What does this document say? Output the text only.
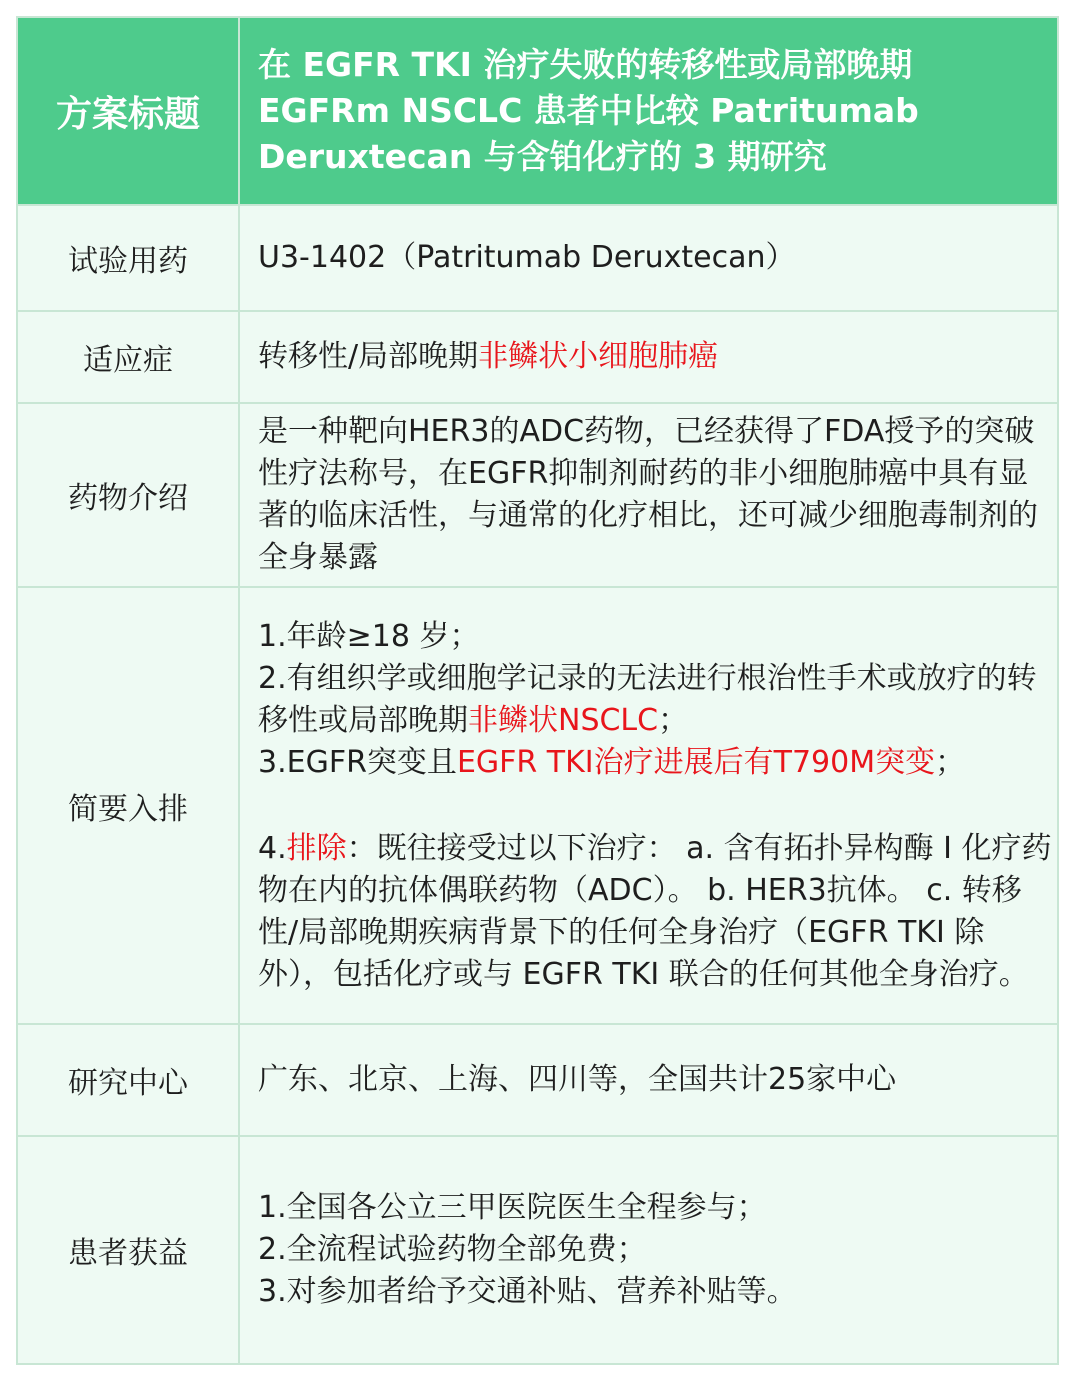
方案标题	在 EGFR TKI 治疗失败的转移性或局部晚期 EGFRm NSCLC 患者中比较 Patritumab Deruxtecan 与含铂化疗的 3 期研究
试验用药	U3-1402（Patritumab Deruxtecan）
适应症	转移性/局部晚期非鳞状小细胞肺癌
药物介绍	是一种靶向HER3的ADC药物，已经获得了FDA授予的突破性疗法称号，在EGFR抑制剂耐药的非小细胞肺癌中具有显著的临床活性，与通常的化疗相比，还可减少细胞毒制剂的全身暴露
简要入排	1.年龄≥18 岁；
2.有组织学或细胞学记录的无法进行根治性手术或放疗的转移性或局部晚期非鳞状NSCLC；
3.EGFR突变且EGFR TKI治疗进展后有T790M突变；
4.排除：既往接受过以下治疗： a. 含有拓扑异构酶 I 化疗药物在内的抗体偶联药物（ADC）。 b. HER3抗体。 c. 转移性/局部晚期疾病背景下的任何全身治疗（EGFR TKI 除外），包括化疗或与 EGFR TKI 联合的任何其他全身治疗。

研究中心	广东、北京、上海、四川等，全国共计25家中心
患者获益	1.全国各公立三甲医院医生全程参与；
2.全流程试验药物全部免费；
3.对参加者给予交通补贴、营养补贴等。
